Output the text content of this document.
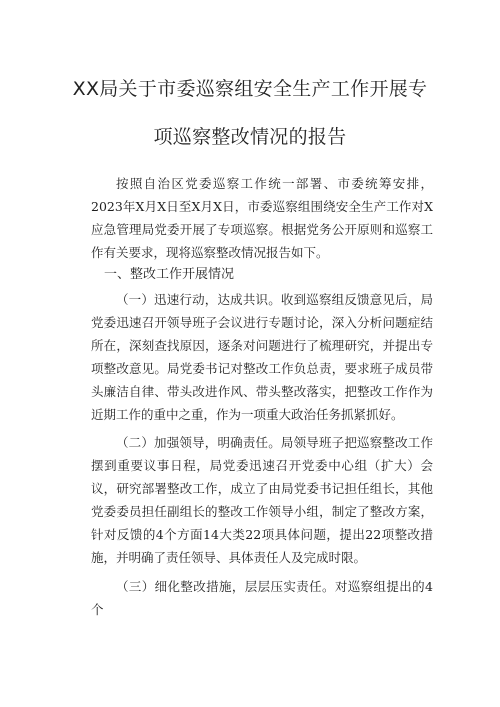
XX局关于市委巡察组安全生产工作开展专
项巡察整改情况的报告
按照自治区党委巡察工作统一部署、市委统筹安排，2023年X月X日至X月X日，市委巡察组围绕安全生产工作对X应急管理局党委开展了专项巡察。根据党务公开原则和巡察工作有关要求，现将巡察整改情况报告如下。
一、整改工作开展情况
（一）迅速行动，达成共识。收到巡察组反馈意见后，局党委迅速召开领导班子会议进行专题讨论，深入分析问题症结所在，深刻查找原因，逐条对问题进行了梳理研究，并提出专项整改意见。局党委书记对整改工作负总责，要求班子成员带头廉洁自律、带头改进作风、带头整改落实，把整改工作作为近期工作的重中之重，作为一项重大政治任务抓紧抓好。
（二）加强领导，明确责任。局领导班子把巡察整改工作摆到重要议事日程，局党委迅速召开党委中心组（扩大）会议，研究部署整改工作，成立了由局党委书记担任组长，其他党委委员担任副组长的整改工作领导小组，制定了整改方案，针对反馈的4个方面14大类22项具体问题，提出22项整改措施，并明确了责任领导、具体责任人及完成时限。
（三）细化整改措施，层层压实责任。对巡察组提出的4个
